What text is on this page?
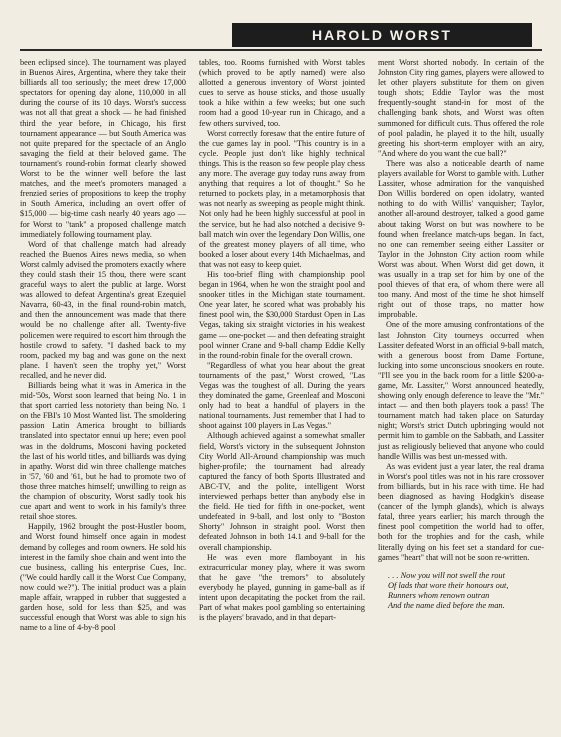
HAROLD WORST

been eclipsed since). The tournament was played in Buenos Aires, Argentina, where they take their billiards all too seriously; the meet drew 17,000 spectators for opening day alone, 110,000 in all during the course of its 10 days. Worst's success was not all that great a shock — he had finished third the year before, in Chicago, his first tournament appearance — but South America was not quite prepared for the spectacle of an Anglo savaging the field at their beloved game. The tournament's round-robin format clearly showed Worst to be the winner well before the last matches, and the meet's promoters managed a frenzied series of propositions to keep the trophy in South America, including an overt offer of $15,000 — big-time cash nearly 40 years ago — for Worst to "tank" a proposed challenge match immediately following tournament play.

Word of that challenge match had already reached the Buenos Aires news media, so when Worst calmly advised the promoters exactly where they could stash their 15 thou, there were scant graceful ways to alert the public at large. Worst was allowed to defeat Argentina's great Ezequiel Navarra, 60-43, in the final round-robin match, and then the announcement was made that there would be no challenge after all. Twenty-five policemen were required to escort him through the hostile crowd to safety. "I dashed back to my room, packed my bag and was gone on the next plane. I haven't seen the trophy yet," Worst recalled, and he never did.

Billiards being what it was in America in the mid-'50s, Worst soon learned that being No. 1 in that sport carried less notoriety than being No. 1 on the FBI's 10 Most Wanted list. The smoldering passion Latin America brought to billiards translated into spectator ennui up here; even pool was in the doldrums, Mosconi having pocketed the last of his world titles, and billiards was dying in apathy. Worst did win three challenge matches in '57, '60 and '61, but he had to promote two of those three matches himself; unwilling to reign as the champion of obscurity, Worst sadly took his cue apart and went to work in his family's three retail shoe stores.

Happily, 1962 brought the post-Hustler boom, and Worst found himself once again in modest demand by colleges and room owners. He sold his interest in the family shoe chain and went into the cue business, calling his enterprise Cues, Inc. ("We could hardly call it the Worst Cue Company, now could we?"). The initial product was a plain maple affair, wrapped in rubber that suggested a garden hose, sold for less than $25, and was successful enough that Worst was able to sign his name to a line of 4-by-8 pool

tables, too. Rooms furnished with Worst tables (which proved to be aptly named) were also allotted a generous inventory of Worst jointed cues to serve as house sticks, and those usually took a hike within a few weeks; but one such room had a good 10-year run in Chicago, and a few others survived, too.

Worst correctly foresaw that the entire future of the cue games lay in pool. "This country is in a cycle. People just don't like highly technical things. This is the reason so few people play chess any more. The average guy today runs away from anything that requires a lot of thought." So he returned to pockets play, in a metamorphosis that was not nearly as sweeping as people might think. Not only had he been highly successful at pool in the service, but he had also notched a decisive 9-ball match win over the legendary Don Willis, one of the greatest money players of all time, who booked a loser about every 14th Michaelmas, and that was not easy to keep quiet.

His too-brief fling with championship pool began in 1964, when he won the straight pool and snooker titles in the Michigan state tournament. One year later, he scored what was probably his finest pool win, the $30,000 Stardust Open in Las Vegas, taking six straight victories in his weakest game — one-pocket — and then defeating straight pool winner Crane and 9-ball champ Eddie Kelly in the round-robin finale for the overall crown.

"Regardless of what you hear about the great tournaments of the past," Worst crowed, "Las Vegas was the toughest of all. During the years they dominated the game, Greenleaf and Mosconi only had to beat a handful of players in the national tournaments. Just remember that I had to shoot against 100 players in Las Vegas."

Although achieved against a somewhat smaller field, Worst's victory in the subsequent Johnston City World All-Around championship was much higher-profile; the tournament had already captured the fancy of both Sports Illustrated and ABC-TV, and the polite, intelligent Worst interviewed perhaps better than anybody else in the field. He tied for fifth in one-pocket, went undefeated in 9-ball, and lost only to "Boston Shorty" Johnson in straight pool. Worst then defeated Johnson in both 14.1 and 9-ball for the overall championship.

He was even more flamboyant in his extracurricular money play, where it was sworn that he gave "the tremors" to absolutely everybody he played, gunning in game-ball as if intent upon decapitating the pocket from the rail. Part of what makes pool gambling so entertaining is the players' bravado, and in that depart-

ment Worst shorted nobody. In certain of the Johnston City ring games, players were allowed to let other players substitute for them on given tough shots; Eddie Taylor was the most frequently-sought stand-in for most of the challenging bank shots, and Worst was often summoned for difficult cuts. Thus offered the role of pool paladin, he played it to the hilt, usually greeting his short-term employer with an airy, "And where do you want the cue ball?"

There was also a noticeable dearth of name players available for Worst to gamble with. Luther Lassiter, whose admiration for the vanquished Don Willis bordered on open idolatry, wanted nothing to do with Willis' vanquisher; Taylor, another all-around destroyer, talked a good game about taking Worst on but was nowhere to be found when freelance match-ups began. In fact, no one can remember seeing either Lassiter or Taylor in the Johnston City action room while Worst was about. When Worst did get down, it was usually in a trap set for him by one of the pool thieves of that era, of whom there were all too many. And most of the time he shot himself right out of those traps, no matter how improbable.

One of the more amusing confrontations of the last Johnston City tourneys occurred when Lassiter defeated Worst in an official 9-ball match, with a generous boost from Dame Fortune, lucking into some unconscious snookers en route. "I'll see you in the back room for a little $200-a-game, Mr. Lassiter," Worst announced heatedly, showing only enough deference to leave the "Mr." intact — and then both players took a pass! The tournament match had taken place on Saturday night; Worst's strict Dutch upbringing would not permit him to gamble on the Sabbath, and Lassiter just as religiously believed that anyone who could handle Willis was best un-messed with.

As was evident just a year later, the real drama in Worst's pool titles was not in his rare crossover from billiards, but in his race with time. He had been diagnosed as having Hodgkin's disease (cancer of the lymph glands), which is always fatal, three years earlier; his march through the finest pool competition the world had to offer, both for the trophies and for the cash, while literally dying on his feet set a standard for cue-games "heart" that will not be soon re-written.

. . . Now you will not swell the rout
Of lads that wore their honours out,
Runners whom renown outran
And the name died before the man.
